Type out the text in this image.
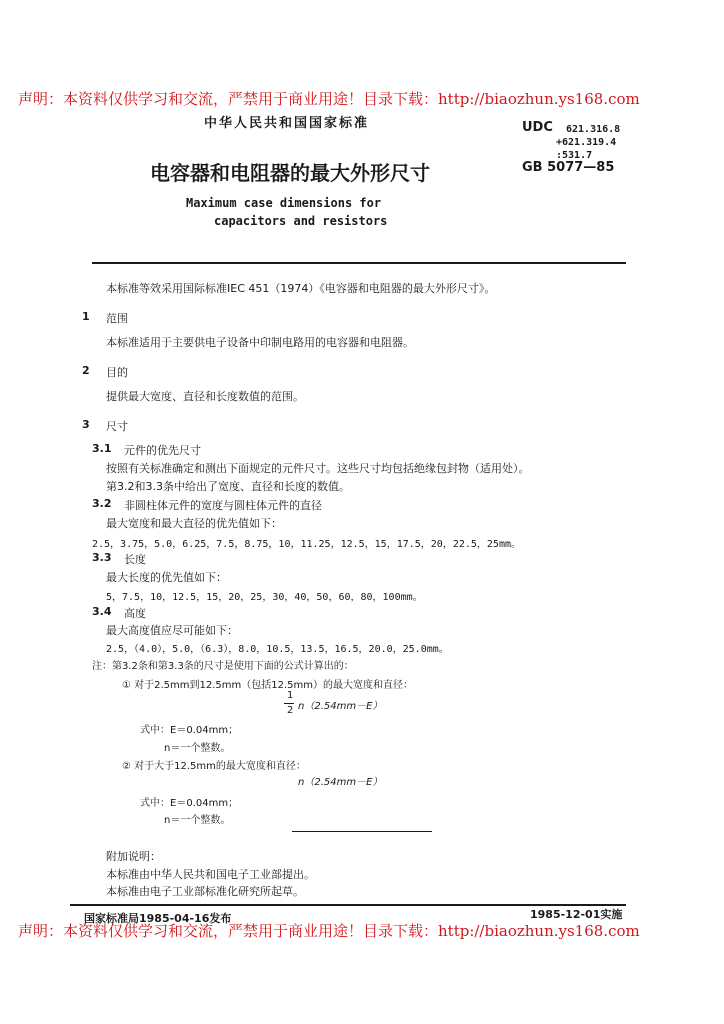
声明：本资料仅供学习和交流，严禁用于商业用途！目录下载：http://biaozhun.ys168.com
中华人民共和国国家标准	UDC 621.316.8
+621.319.4
:531.7
GB 5077—85
电容器和电阻器的最大外形尺寸
Maximum case dimensions for
capacitors and resistors
本标准等效采用国际标准IEC 451（1974）《电容器和电阻器的最大外形尺寸》。
1 范围
本标准适用于主要供电子设备中印制电路用的电容器和电阻器。
2 目的
提供最大宽度、直径和长度数值的范围。
3 尺寸
3.1 元件的优先尺寸
按照有关标准确定和测出下面规定的元件尺寸。这些尺寸均包括绝缘包封物（适用处）。
第3.2和3.3条中给出了宽度、直径和长度的数值。
3.2 非圆柱体元件的宽度与圆柱体元件的直径
最大宽度和最大直径的优先值如下：
2.5，3.75，5.0，6.25，7.5，8.75，10，11.25，12.5，15，17.5，20，22.5，25mm。
3.3 长度
最大长度的优先值如下：
5，7.5，10，12.5，15，20，25，30，40，50，60，80，100mm。
3.4 高度
最大高度值应尽可能如下：
2.5，（4.0），5.0，（6.3），8.0，10.5，13.5，16.5，20.0，25.0mm。
注：第3.2条和第3.3条的尺寸是使用下面的公式计算出的：
① 对于2.5mm到12.5mm（包括12.5mm）的最大宽度和直径：
1
2 n（2.54mm－E）
式中：E＝0.04mm；
n＝一个整数。
② 对于大于12.5mm的最大宽度和直径：
n（2.54mm－E）
式中：E＝0.04mm；
n＝一个整数。
附加说明：
本标准由中华人民共和国电子工业部提出。
本标准由电子工业部标准化研究所起草。
国家标准局1985-04-16发布	1985-12-01实施
声明：本资料仅供学习和交流，严禁用于商业用途！目录下载：http://biaozhun.ys168.com
